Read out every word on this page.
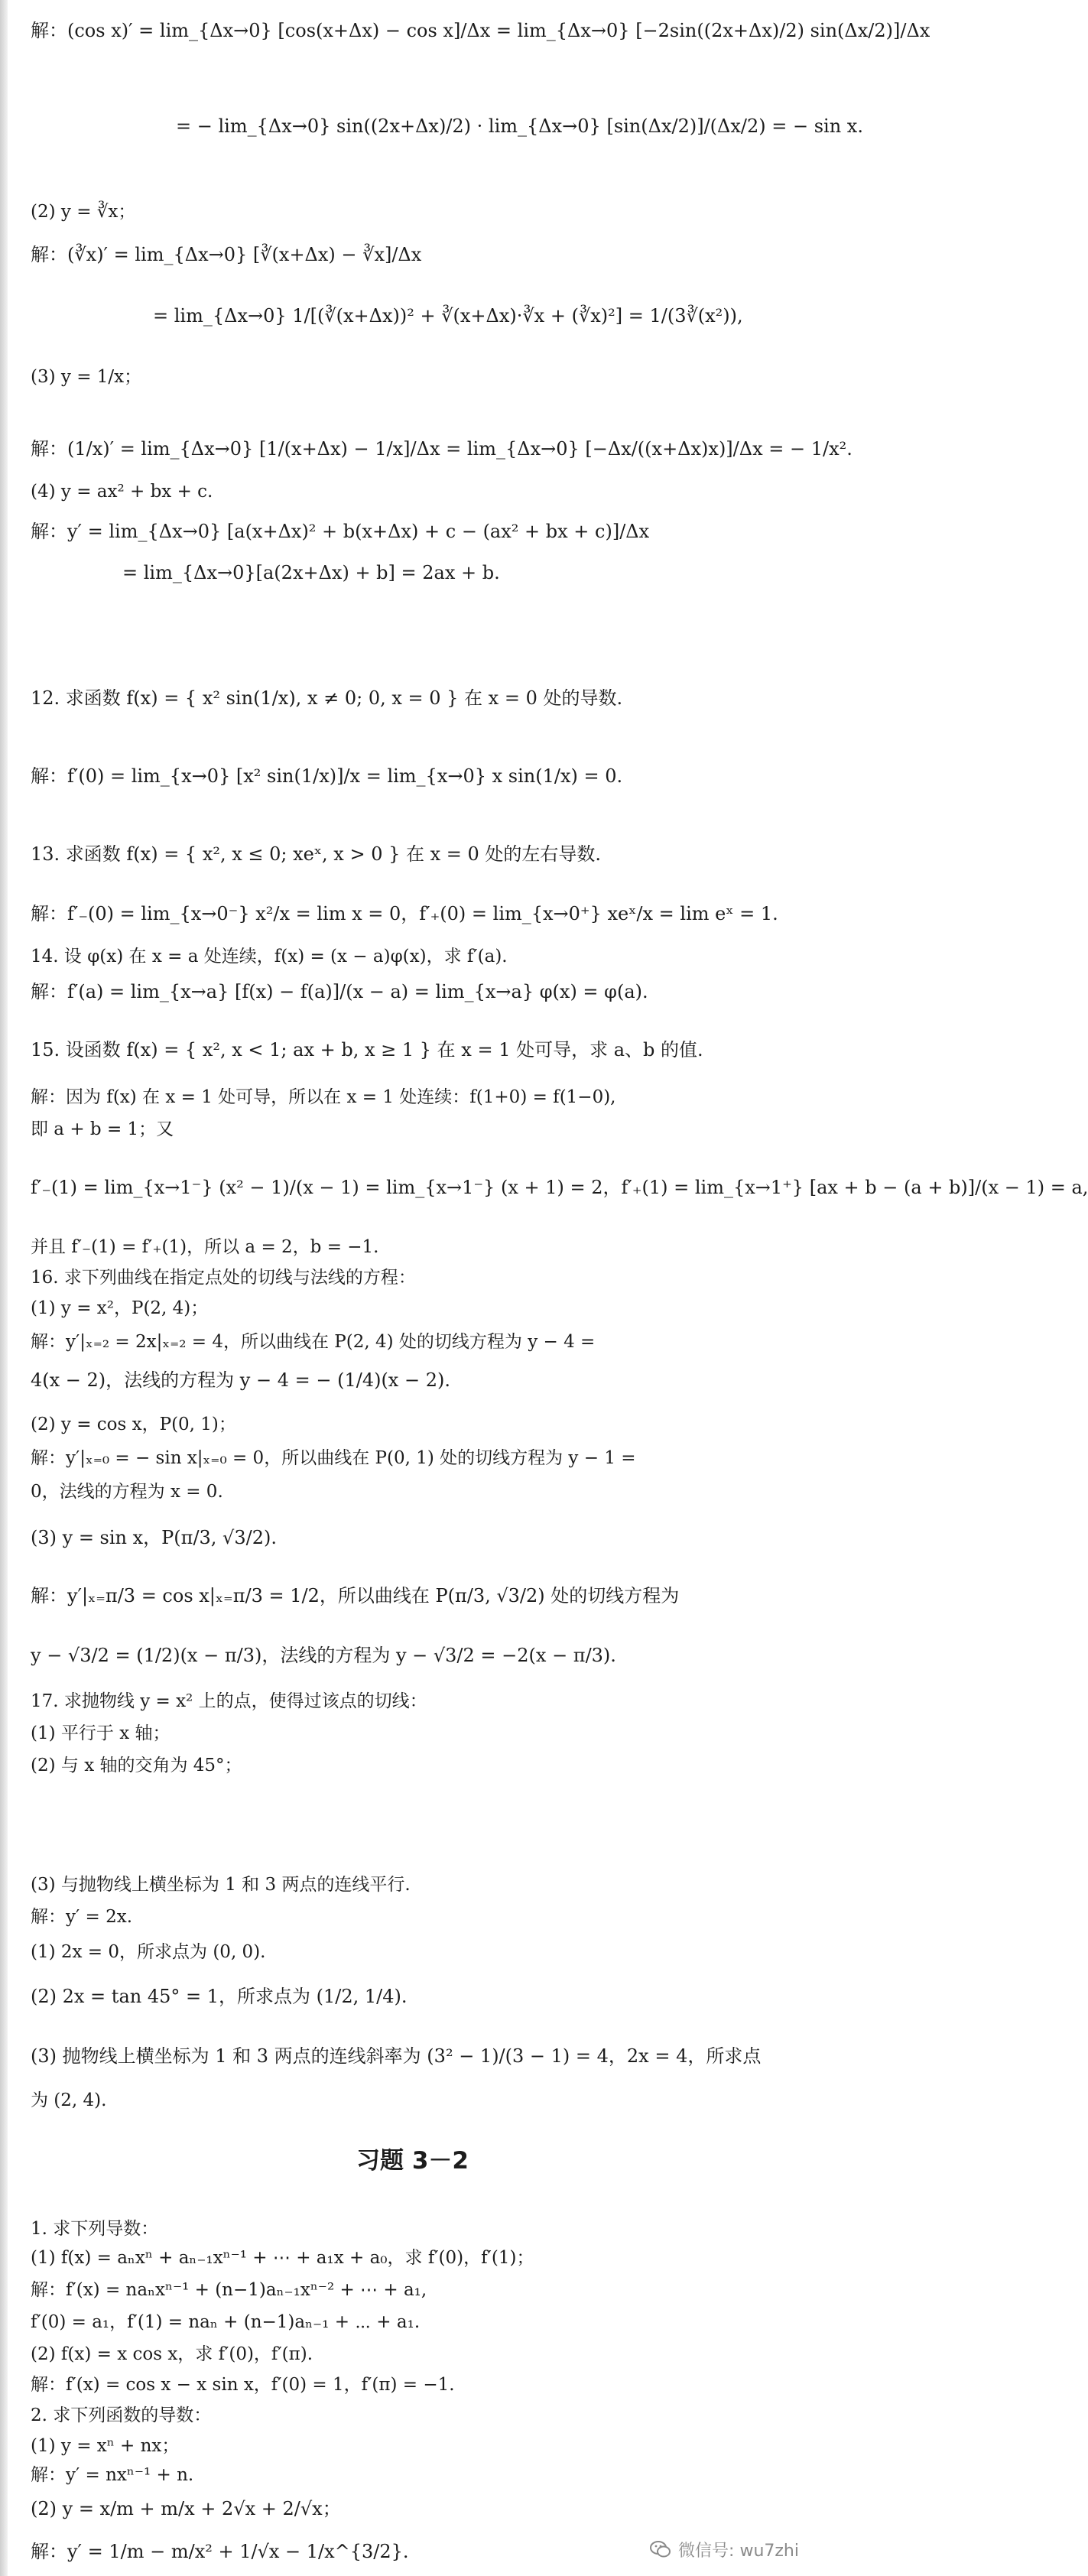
解：(cos x)′ = lim_{Δx→0} [cos(x+Δx) − cos x]/Δx = lim_{Δx→0} [−2sin((2x+Δx)/2) sin(Δx/2)]/Δx
= − lim_{Δx→0} sin((2x+Δx)/2) · lim_{Δx→0} [sin(Δx/2)]/(Δx/2) = − sin x.
(2) y = ∛x；
解：(∛x)′ = lim_{Δx→0} [∛(x+Δx) − ∛x]/Δx
= lim_{Δx→0} 1/[(∛(x+Δx))² + ∛(x+Δx)·∛x + (∛x)²] = 1/(3∛(x²)),
(3) y = 1/x；
解：(1/x)′ = lim_{Δx→0} [1/(x+Δx) − 1/x]/Δx = lim_{Δx→0} [−Δx/((x+Δx)x)]/Δx = − 1/x².
(4) y = ax² + bx + c.
解：y′ = lim_{Δx→0} [a(x+Δx)² + b(x+Δx) + c − (ax² + bx + c)]/Δx
= lim_{Δx→0}[a(2x+Δx) + b] = 2ax + b.
12. 求函数 f(x) = { x² sin(1/x), x ≠ 0; 0, x = 0 } 在 x = 0 处的导数.
解：f′(0) = lim_{x→0} [x² sin(1/x)]/x = lim_{x→0} x sin(1/x) = 0.
13. 求函数 f(x) = { x², x ≤ 0; xeˣ, x > 0 } 在 x = 0 处的左右导数.
解：f′₋(0) = lim_{x→0⁻} x²/x = lim x = 0，f′₊(0) = lim_{x→0⁺} xeˣ/x = lim eˣ = 1.
14. 设 φ(x) 在 x = a 处连续，f(x) = (x − a)φ(x)，求 f′(a).
解：f′(a) = lim_{x→a} [f(x) − f(a)]/(x − a) = lim_{x→a} φ(x) = φ(a).
15. 设函数 f(x) = { x², x < 1; ax + b, x ≥ 1 } 在 x = 1 处可导，求 a、b 的值.
解：因为 f(x) 在 x = 1 处可导，所以在 x = 1 处连续：f(1+0) = f(1−0),
即 a + b = 1；又
f′₋(1) = lim_{x→1⁻} (x² − 1)/(x − 1) = lim_{x→1⁻} (x + 1) = 2，f′₊(1) = lim_{x→1⁺} [ax + b − (a + b)]/(x − 1) = a,
并且 f′₋(1) = f′₊(1)，所以 a = 2，b = −1.
16. 求下列曲线在指定点处的切线与法线的方程：
(1) y = x²，P(2, 4)；
解：y′|ₓ₌₂ = 2x|ₓ₌₂ = 4，所以曲线在 P(2, 4) 处的切线方程为 y − 4 =
4(x − 2)，法线的方程为 y − 4 = − (1/4)(x − 2).
(2) y = cos x，P(0, 1)；
解：y′|ₓ₌₀ = − sin x|ₓ₌₀ = 0，所以曲线在 P(0, 1) 处的切线方程为 y − 1 =
0，法线的方程为 x = 0.
(3) y = sin x，P(π/3, √3/2).
解：y′|ₓ₌π/3 = cos x|ₓ₌π/3 = 1/2，所以曲线在 P(π/3, √3/2) 处的切线方程为
y − √3/2 = (1/2)(x − π/3)，法线的方程为 y − √3/2 = −2(x − π/3).
17. 求抛物线 y = x² 上的点，使得过该点的切线：
(1) 平行于 x 轴；
(2) 与 x 轴的交角为 45°；
(3) 与抛物线上横坐标为 1 和 3 两点的连线平行.
解：y′ = 2x.
(1) 2x = 0，所求点为 (0, 0).
(2) 2x = tan 45° = 1，所求点为 (1/2, 1/4).
(3) 抛物线上横坐标为 1 和 3 两点的连线斜率为 (3² − 1)/(3 − 1) = 4，2x = 4，所求点
为 (2, 4).
习题 3－2
1. 求下列导数：
(1) f(x) = aₙxⁿ + aₙ₋₁xⁿ⁻¹ + ⋯ + a₁x + a₀，求 f′(0)，f′(1)；
解：f′(x) = naₙxⁿ⁻¹ + (n−1)aₙ₋₁xⁿ⁻² + ⋯ + a₁,
f′(0) = a₁，f′(1) = naₙ + (n−1)aₙ₋₁ + ⋯ + a₁.
(2) f(x) = x cos x，求 f′(0)，f′(π).
解：f′(x) = cos x − x sin x，f′(0) = 1，f′(π) = −1.
2. 求下列函数的导数：
(1) y = xⁿ + nx；
解：y′ = nxⁿ⁻¹ + n.
(2) y = x/m + m/x + 2√x + 2/√x；
解：y′ = 1/m − m/x² + 1/√x − 1/x^{3/2}.	微信号: wu7zhi
